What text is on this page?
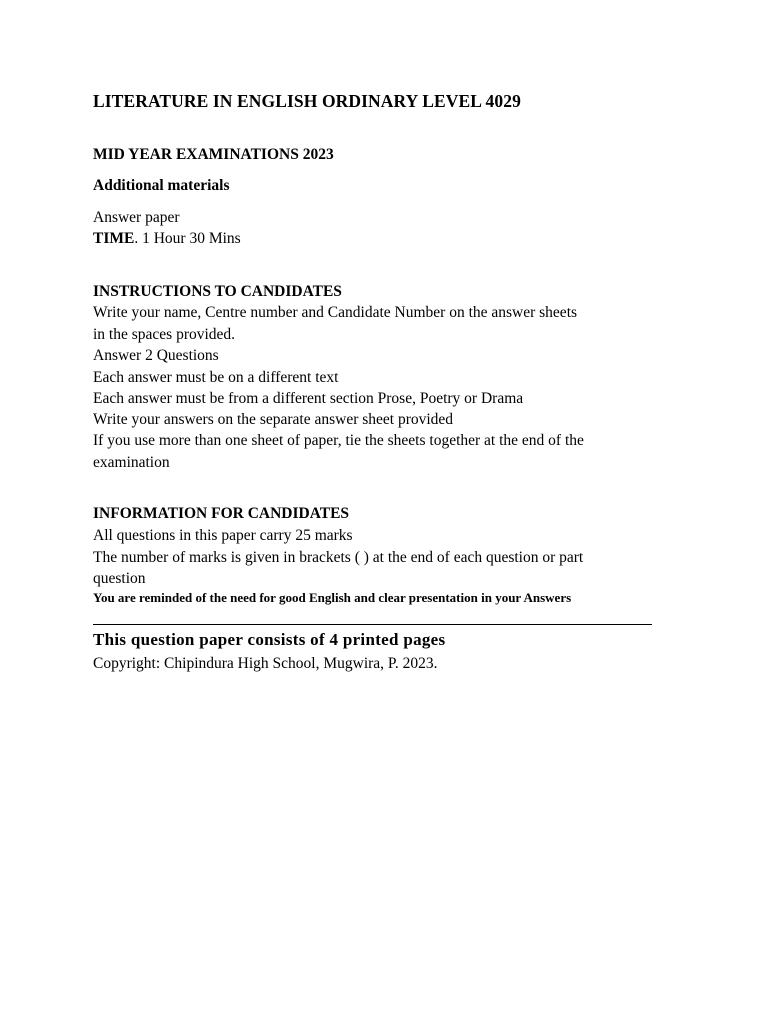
LITERATURE IN ENGLISH ORDINARY LEVEL 4029
MID YEAR EXAMINATIONS 2023
Additional materials
Answer paper
TIME. 1 Hour 30 Mins
INSTRUCTIONS TO CANDIDATES
Write your name, Centre number and Candidate Number on the answer sheets
in the spaces provided.
Answer 2 Questions
Each answer must be on a different text
Each answer must be from a different section Prose, Poetry or Drama
Write your answers on the separate answer sheet provided
If you use more than one sheet of paper, tie the sheets together at the end of the
examination
INFORMATION FOR CANDIDATES
All questions in this paper carry 25 marks
The number of marks is given in brackets ( ) at the end of each question or part
question
You are reminded of the need for good English and clear presentation in your Answers
This question paper consists of 4 printed pages
Copyright: Chipindura High School, Mugwira, P. 2023.
